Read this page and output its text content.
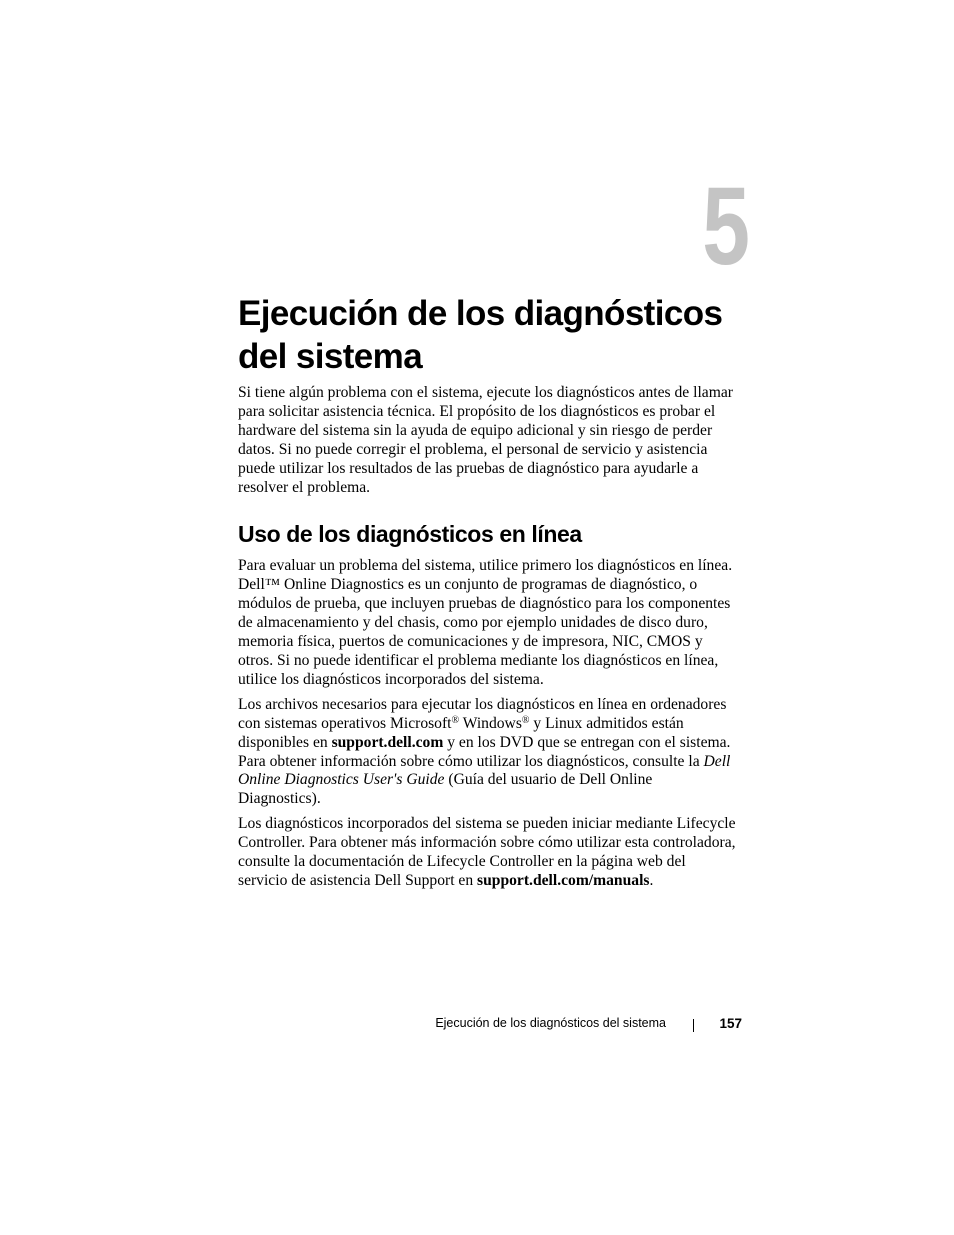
5
Ejecución de los diagnósticos
del sistema

Si tiene algún problema con el sistema, ejecute los diagnósticos antes de llamar para solicitar asistencia técnica. El propósito de los diagnósticos es probar el hardware del sistema sin la ayuda de equipo adicional y sin riesgo de perder datos. Si no puede corregir el problema, el personal de servicio y asistencia puede utilizar los resultados de las pruebas de diagnóstico para ayudarle a resolver el problema.

Uso de los diagnósticos en línea

Para evaluar un problema del sistema, utilice primero los diagnósticos en línea. Dell™ Online Diagnostics es un conjunto de programas de diagnóstico, o módulos de prueba, que incluyen pruebas de diagnóstico para los componentes de almacenamiento y del chasis, como por ejemplo unidades de disco duro, memoria física, puertos de comunicaciones y de impresora, NIC, CMOS y otros. Si no puede identificar el problema mediante los diagnósticos en línea, utilice los diagnósticos incorporados del sistema.

Los archivos necesarios para ejecutar los diagnósticos en línea en ordenadores con sistemas operativos Microsoft® Windows® y Linux admitidos están disponibles en support.dell.com y en los DVD que se entregan con el sistema. Para obtener información sobre cómo utilizar los diagnósticos, consulte la Dell Online Diagnostics User's Guide (Guía del usuario de Dell Online Diagnostics).

Los diagnósticos incorporados del sistema se pueden iniciar mediante Lifecycle Controller. Para obtener más información sobre cómo utilizar esta controladora, consulte la documentación de Lifecycle Controller en la página web del servicio de asistencia Dell Support en support.dell.com/manuals.

Ejecución de los diagnósticos del sistema	157
